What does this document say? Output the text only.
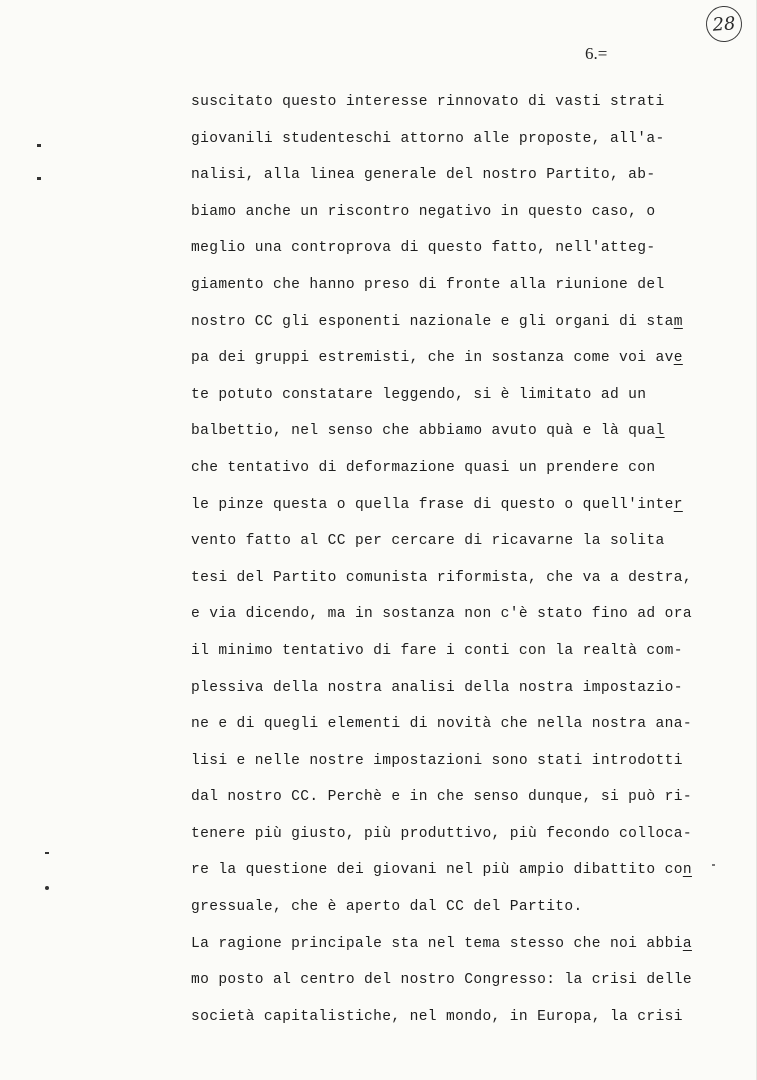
28
6.=
suscitato questo interesse rinnovato di vasti strati
giovanili studenteschi attorno alle proposte, all'a-
nalisi, alla linea generale del nostro Partito, ab-
biamo anche un riscontro negativo in questo caso, o
meglio una controprova di questo fatto, nell'atteg-
giamento che hanno preso di fronte alla riunione del
nostro CC gli esponenti nazionale e gli organi di stam
pa dei gruppi estremisti, che in sostanza come voi ave
te potuto constatare leggendo, si è limitato ad un
balbettio, nel senso che abbiamo avuto quà e là qual
che tentativo di deformazione quasi un prendere con
le pinze questa o quella frase di questo o quell'inter
vento fatto al CC per cercare di ricavarne la solita
tesi del Partito comunista riformista, che va a destra,
e via dicendo, ma in sostanza non c'è stato fino ad ora
il minimo tentativo di fare i conti con la realtà com-
plessiva della nostra analisi della nostra impostazio-
ne e di quegli elementi di novità che nella nostra ana-
lisi e nelle nostre impostazioni sono stati introdotti
dal nostro CC. Perchè e in che senso dunque, si può ri-
tenere più giusto, più produttivo, più fecondo colloca-
re la questione dei giovani nel più ampio dibattito con
gressuale, che è aperto dal CC del Partito.
La ragione principale sta nel tema stesso che noi abbia
mo posto al centro del nostro Congresso: la crisi delle
società capitalistiche, nel mondo, in Europa, la crisi
